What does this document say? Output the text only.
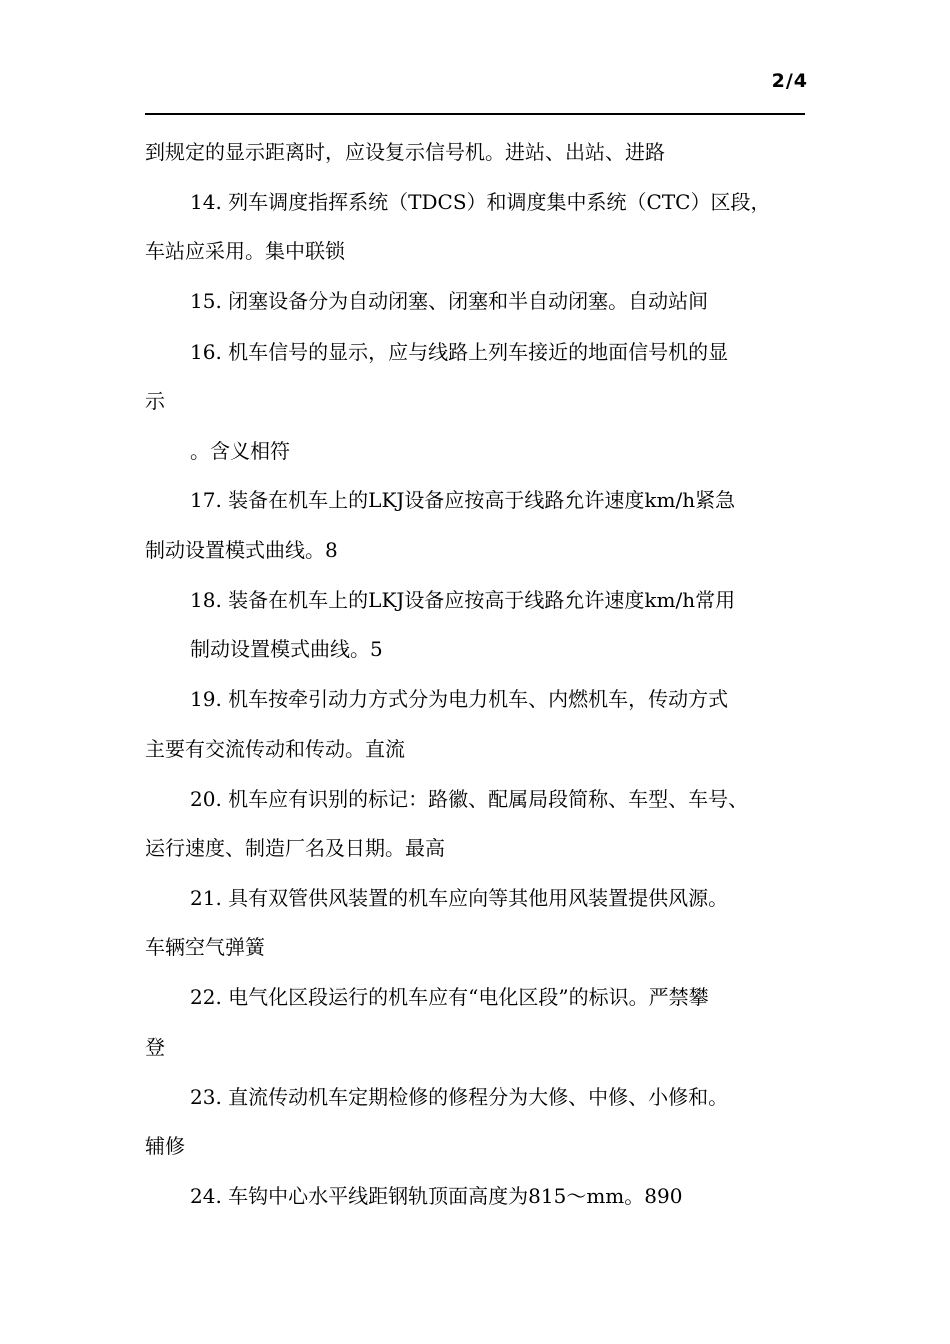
2/4
到规定的显示距离时，应设复示信号机。进站、出站、进路
14. 列车调度指挥系统（TDCS）和调度集中系统（CTC）区段，
车站应采用。集中联锁
15. 闭塞设备分为自动闭塞、闭塞和半自动闭塞。自动站间
16. 机车信号的显示，应与线路上列车接近的地面信号机的显
示
。含义相符
17. 装备在机车上的LKJ设备应按高于线路允许速度km/h紧急
制动设置模式曲线。8
18. 装备在机车上的LKJ设备应按高于线路允许速度km/h常用
制动设置模式曲线。5
19. 机车按牵引动力方式分为电力机车、内燃机车，传动方式
主要有交流传动和传动。直流
20. 机车应有识别的标记：路徽、配属局段简称、车型、车号、
运行速度、制造厂名及日期。最高
21. 具有双管供风装置的机车应向等其他用风装置提供风源。
车辆空气弹簧
22. 电气化区段运行的机车应有“电化区段”的标识。严禁攀
登
23. 直流传动机车定期检修的修程分为大修、中修、小修和。
辅修
24. 车钩中心水平线距钢轨顶面高度为815～mm。890
